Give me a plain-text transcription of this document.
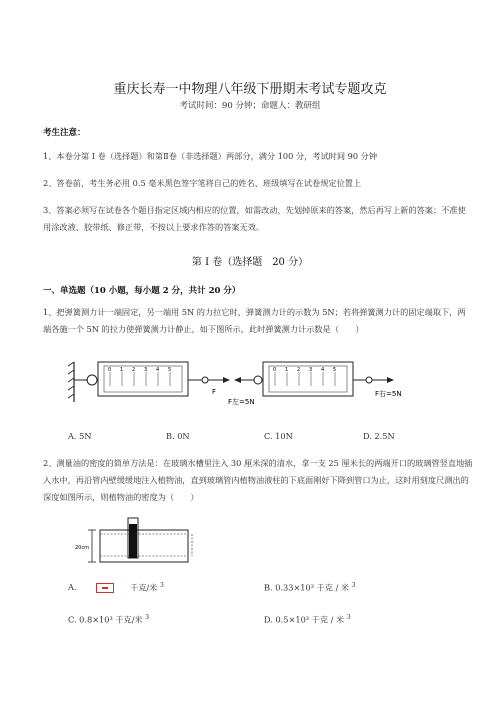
重庆长寿一中物理八年级下册期末考试专题攻克
考试时间：90 分钟；命题人：教研组
考生注意：
1、本卷分第 I 卷（选择题）和第Ⅱ卷（非选择题）两部分，满分 100 分，考试时间 90 分钟
2、答卷前，考生务必用 0.5 毫米黑色签字笔将自己的姓名、班级填写在试卷规定位置上
3、答案必须写在试卷各个题目指定区域内相应的位置，如需改动，先划掉原来的答案，然后再写上新的答案；不准使用涂改液、胶带纸、修正带，不按以上要求作答的答案无效。
第 I 卷（选择题　20 分）
一、单选题（10 小题，每小题 2 分，共计 20 分）
1、把弹簧测力计一端固定，另一端用 5N 的力拉它时，弹簧测力计的示数为 5N；若将弹簧测力计的固定端取下，两端各施一个 5N 的拉力使弹簧测力计静止，如下图所示，此时弹簧测力计示数是（　　）
0 1 2 3 4 5
F
0 1 2 3 4 5
F左=5N
F右=5N
A. 5N	B. 0N	C. 10N	D. 2.5N
2、测量油的密度的简单方法是：在玻璃水槽里注入 30 厘米深的清水，拿一支 25 厘米长的两端开口的玻璃管竖直地插入水中，再沿管内壁缓缓地注入植物油，直到玻璃管内植物油液柱的下底面刚好下降到管口为止，这时用刻度尺测出的深度如图所示，则植物油的密度为（　　）
20cm
A.	千克/米 $^3$	B. 0.33×10³ 千克 / 米 $^3$
C. 0.8×10³ 千克/米 $^3$	D. 0.5×10³ 千克 / 米 $^3$
